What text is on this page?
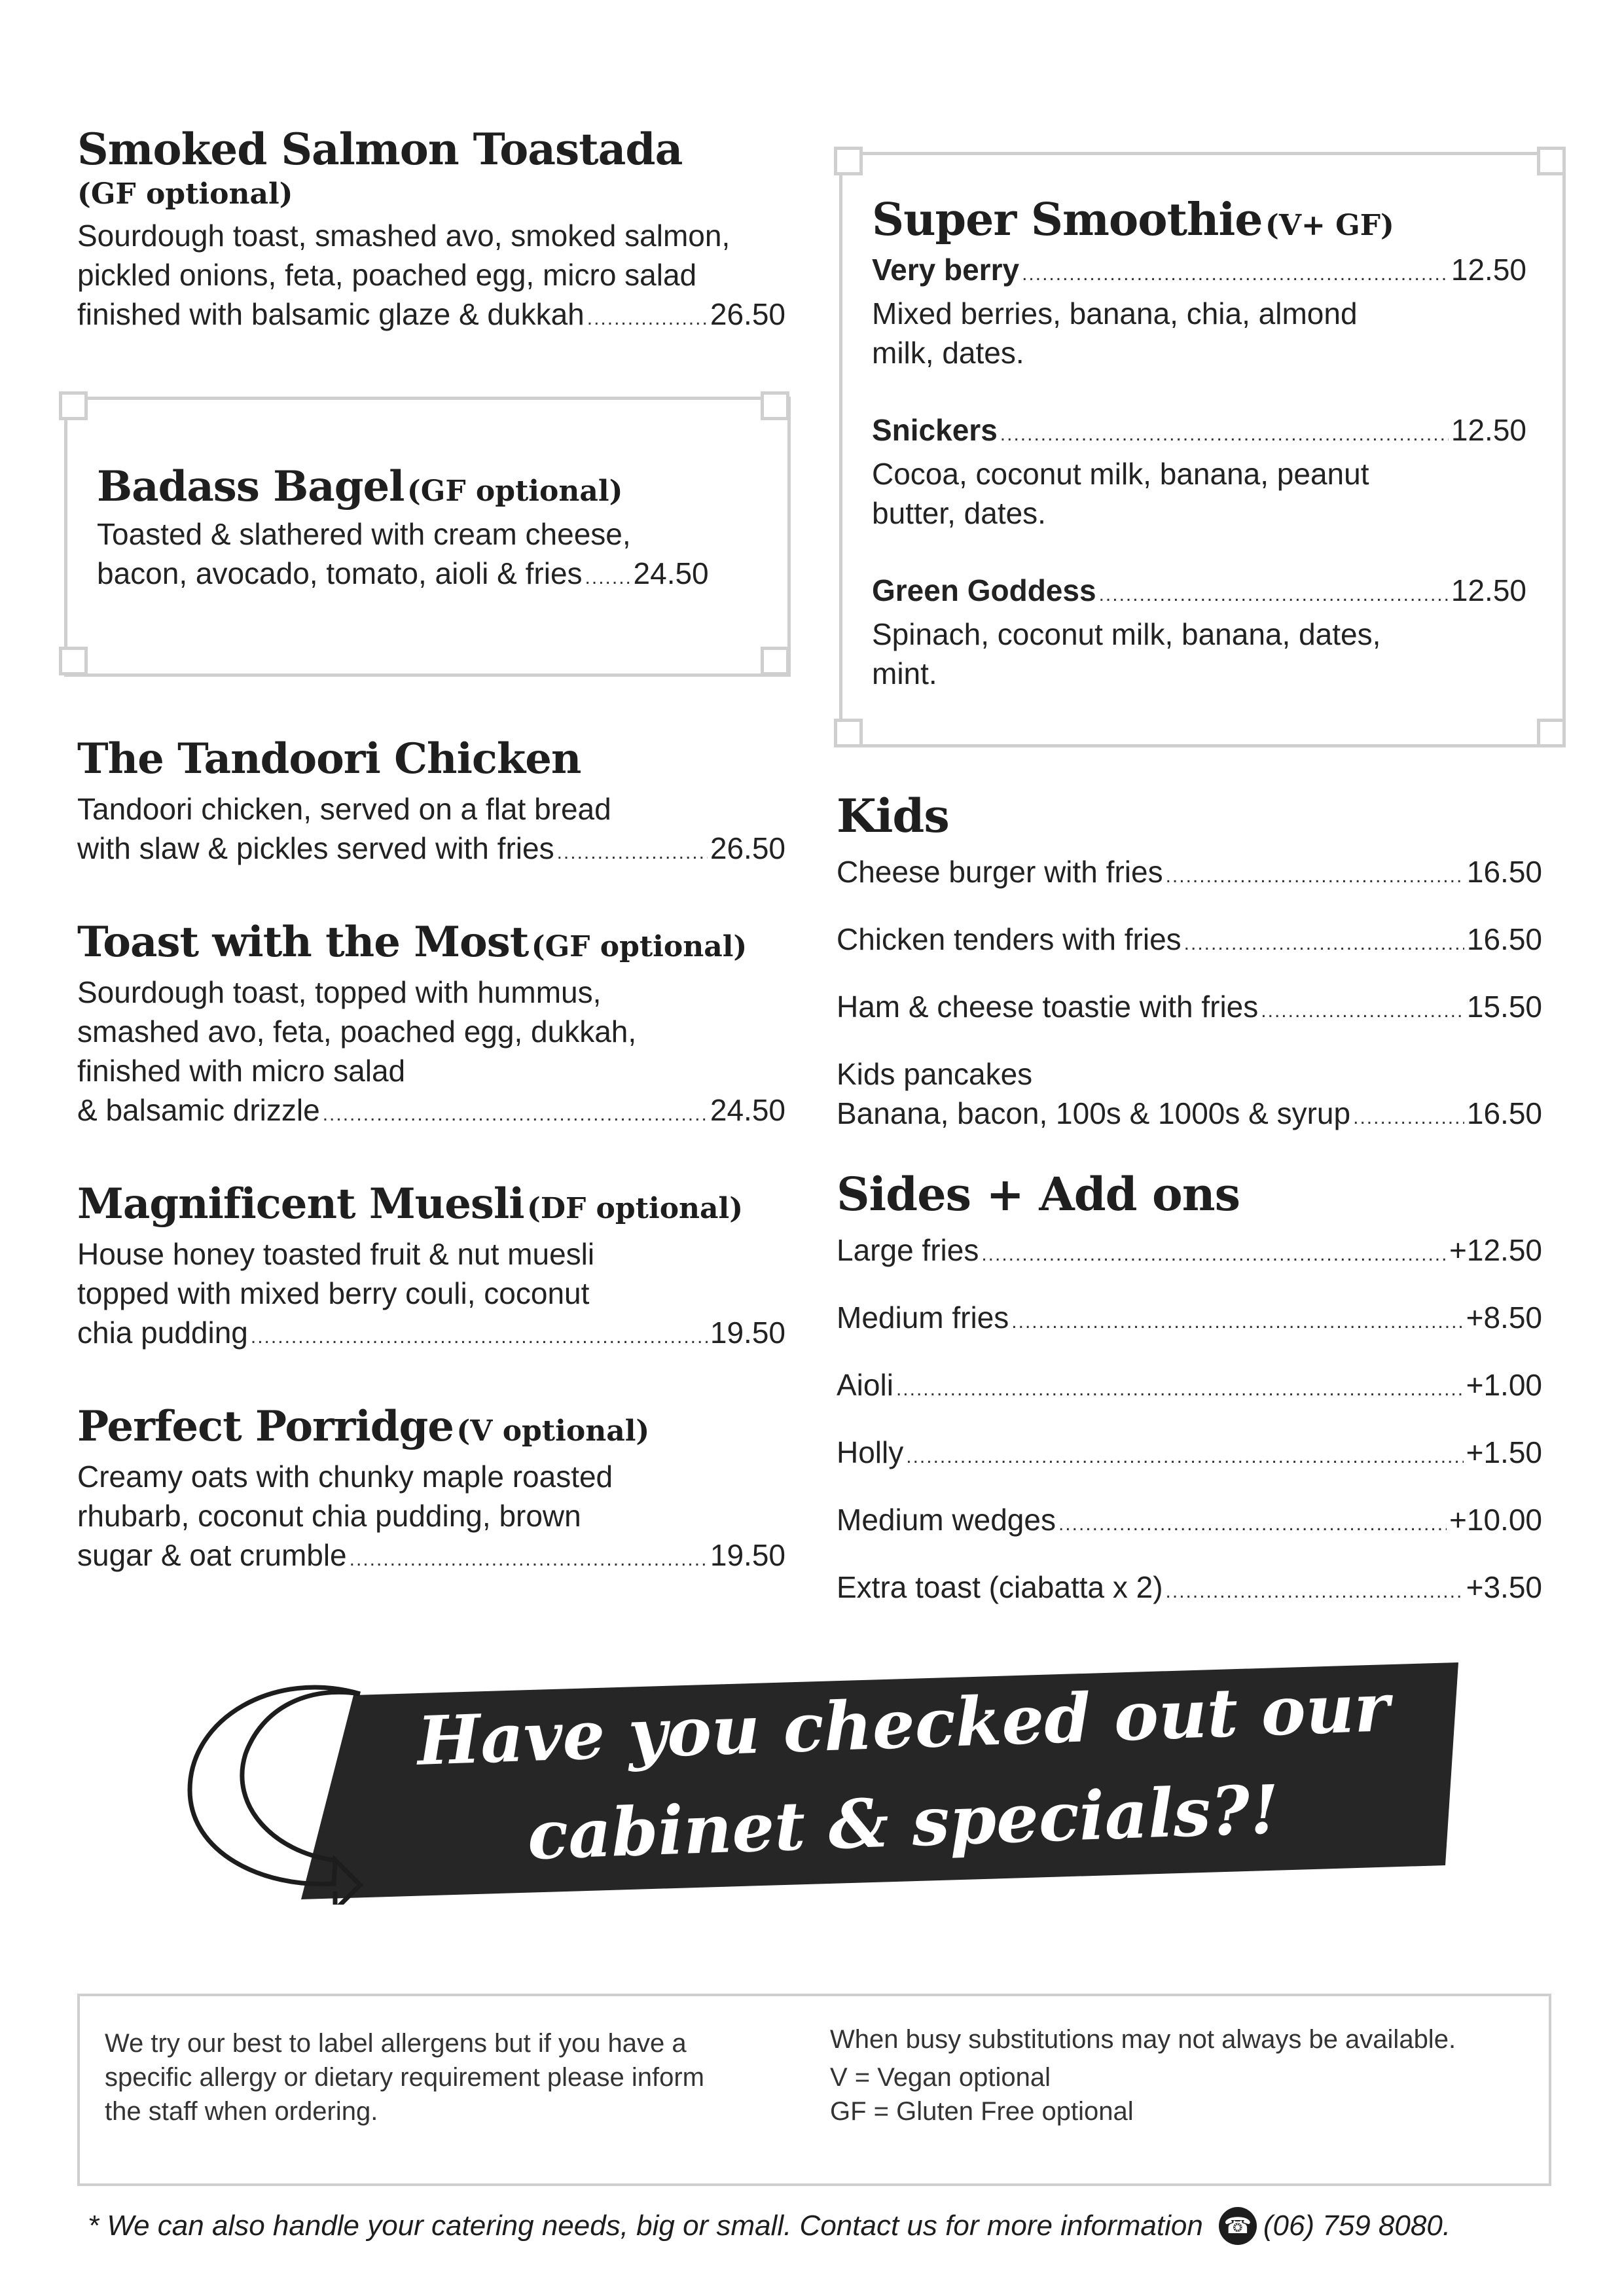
Smoked Salmon Toastada
(GF optional)
Sourdough toast, smashed avo, smoked salmon,
pickled onions, feta, poached egg, micro salad
finished with balsamic glaze & dukkah .....	26.50
Badass Bagel (GF optional)
Toasted & slathered with cream cheese,
bacon, avocado, tomato, aioli & fries ..... 24.50
The Tandoori Chicken
Tandoori chicken, served on a flat bread
with slaw & pickles served with fries .....	26.50
Toast with the Most (GF optional)
Sourdough toast, topped with hummus,
smashed avo, feta, poached egg, dukkah,
finished with micro salad
& balsamic drizzle .....	24.50
Magnificent Muesli (DF optional)
House honey toasted fruit & nut muesli
topped with mixed berry couli, coconut
chia pudding .....	19.50
Perfect Porridge (V optional)
Creamy oats with chunky maple roasted
rhubarb, coconut chia pudding, brown
sugar & oat crumble .....	19.50
Super Smoothie (V+ GF)
Very berry .....	12.50
Mixed berries, banana, chia, almond
milk, dates.
Snickers .....	12.50
Cocoa, coconut milk, banana, peanut
butter, dates.
Green Goddess .....	12.50
Spinach, coconut milk, banana, dates,
mint.
Kids
Cheese burger with fries .....	16.50
Chicken tenders with fries .....	16.50
Ham & cheese toastie with fries .....	15.50
Kids pancakes
Banana, bacon, 100s & 1000s & syrup .....	16.50
Sides + Add ons
Large fries .....	+12.50
Medium fries .....	+8.50
Aioli .....	+1.00
Holly .....	+1.50
Medium wedges .....	+10.00
Extra toast (ciabatta x 2) .....	+3.50
Have you checked out our
cabinet & specials?!
We try our best to label allergens but if you have a
specific allergy or dietary requirement please inform
the staff when ordering.
When busy substitutions may not always be available.
V = Vegan optional
GF = Gluten Free optional
* We can also handle your catering needs, big or small. Contact us for more information ☎ (06) 759 8080.
